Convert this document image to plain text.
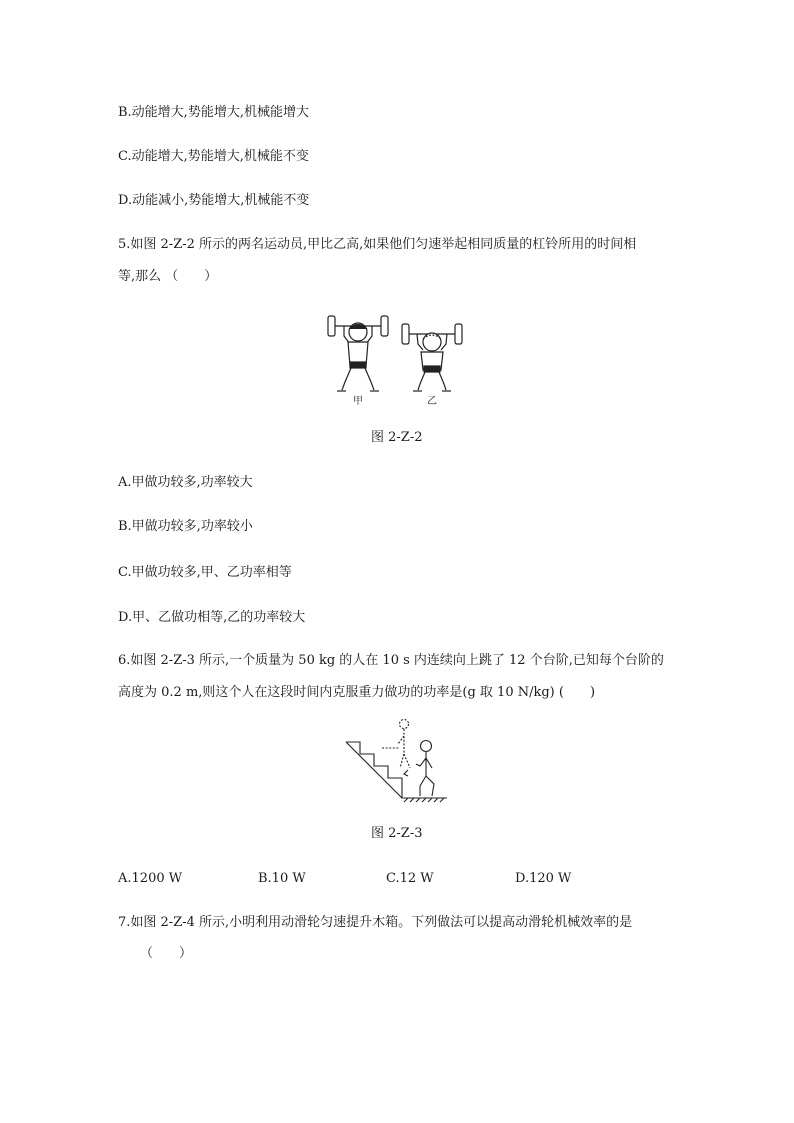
B.动能增大,势能增大,机械能增大
C.动能增大,势能增大,机械能不变
D.动能减小,势能增大,机械能不变
5.如图 2-Z-2 所示的两名运动员,甲比乙高,如果他们匀速举起相同质量的杠铃所用的时间相
等,那么 （　　）
甲	乙
图 2-Z-2
A.甲做功较多,功率较大
B.甲做功较多,功率较小
C.甲做功较多,甲、乙功率相等
D.甲、乙做功相等,乙的功率较大
6.如图 2-Z-3 所示,一个质量为 50 kg 的人在 10 s 内连续向上跳了 12 个台阶,已知每个台阶的
高度为 0.2 m,则这个人在这段时间内克服重力做功的功率是(g 取 10 N/kg) (　　)
图 2-Z-3
A.1200 W	B.10 W	C.12 W	D.120 W
7.如图 2-Z-4 所示,小明利用动滑轮匀速提升木箱。下列做法可以提高动滑轮机械效率的是
（　　）
